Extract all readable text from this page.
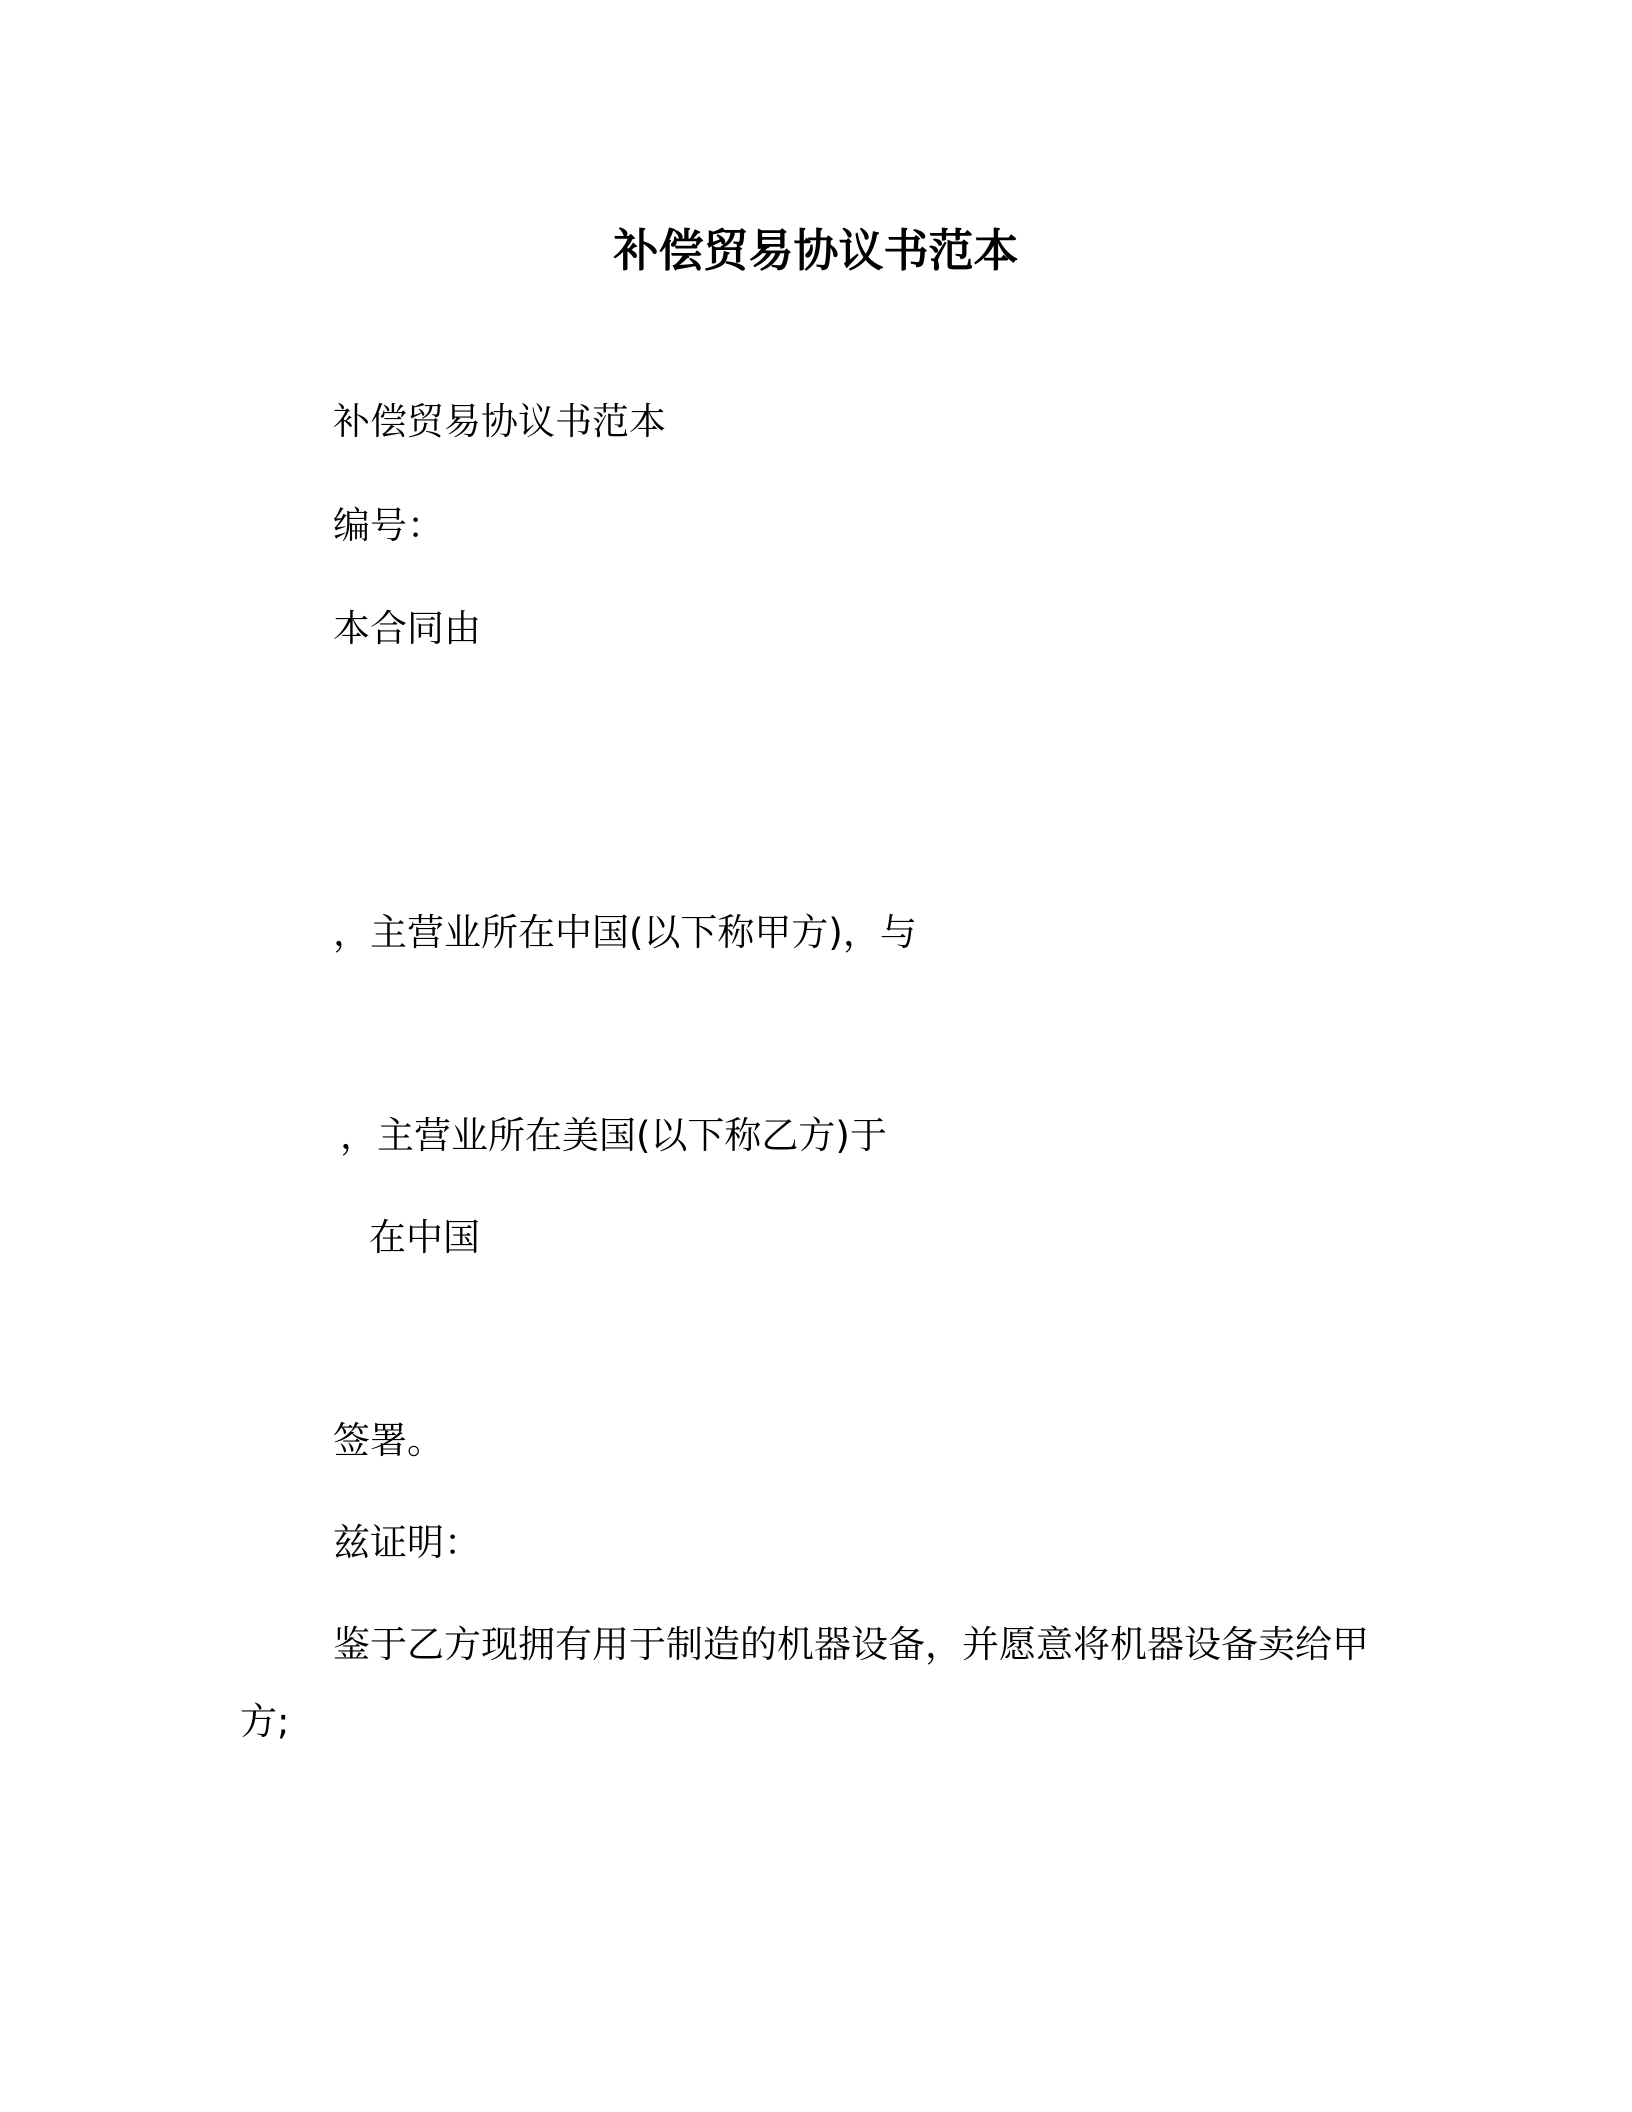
补偿贸易协议书范本
补偿贸易协议书范本
编号：
本合同由
，主营业所在中国(以下称甲方)，与
，主营业所在美国(以下称乙方)于
在中国
签署。
兹证明：
鉴于乙方现拥有用于制造的机器设备，并愿意将机器设备卖给甲
方;
